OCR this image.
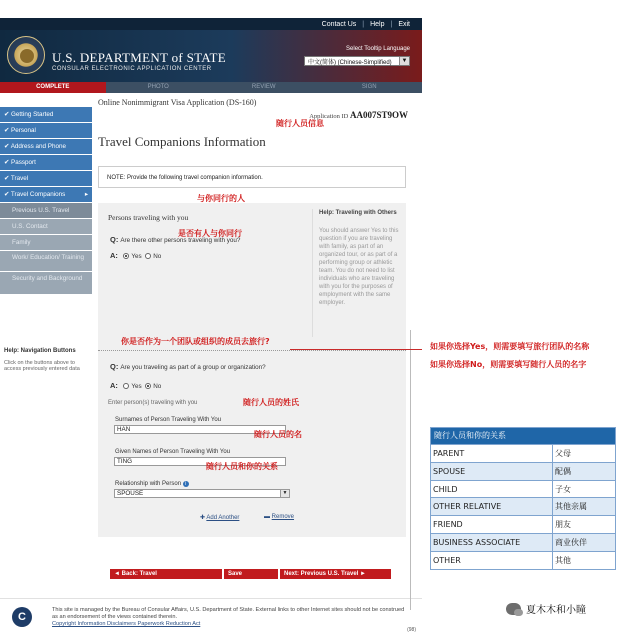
Contact Us | Help | Exit
U.S. DEPARTMENT of STATE
CONSULAR ELECTRONIC APPLICATION CENTER
Select Tooltip Language
中文(简体) (Chinese-Simplified)	▼
COMPLETE	PHOTO	REVIEW	SIGN
✔ Getting Started
✔ Personal
✔ Address and Phone
✔ Passport
✔ Travel
✔ Travel Companions	▸
Previous U.S. Travel
U.S. Contact
Family
Work/ Education/ Training
Security and Background
Online Nonimmigrant Visa Application (DS-160)
Application ID AA007ST9OW
Travel Companions Information
NOTE: Provide the following travel companion information.
Persons traveling with you	Help: Traveling with Others
You should answer Yes to this question if you are traveling with family, as part of an organized tour, or as part of a performing group or athletic team. You do not need to list individuals who are traveling with you for the purposes of employment with the same employer.
Q: Are there other persons traveling with you?
A: Yes No
Q: Are you traveling as part of a group or organization?
A: Yes No
Enter person(s) traveling with you
Surnames of Person Traveling With You
HAN
Given Names of Person Traveling With You
TING
Relationship with Person i
SPOUSE	▼
✚ Add Another	▬ Remove
◄ Back: Travel	Save	Next: Previous U.S. Travel ►
C
This site is managed by the Bureau of Consular Affairs, U.S. Department of State. External links to other Internet sites should not be construed as an endorsement of the views contained therein.
Copyright Information Disclaimers Paperwork Reduction Act
(98)
Help: Navigation Buttons
Click on the buttons above to access previously entered data
随行人员信息
与你同行的人
是否有人与你同行
你是否作为一个团队或组织的成员去旅行?
随行人员的姓氏
随行人员的名
随行人员和你的关系
如果你选择Yes，则需要填写旅行团队的名称
如果你选择No，则需要填写随行人员的名字
随行人员和你的关系
PARENT	父母
SPOUSE	配偶
CHILD	子女
OTHER RELATIVE	其他亲属
FRIEND	朋友
BUSINESS ASSOCIATE	商业伙伴
OTHER	其他
夏木木和小瞳
